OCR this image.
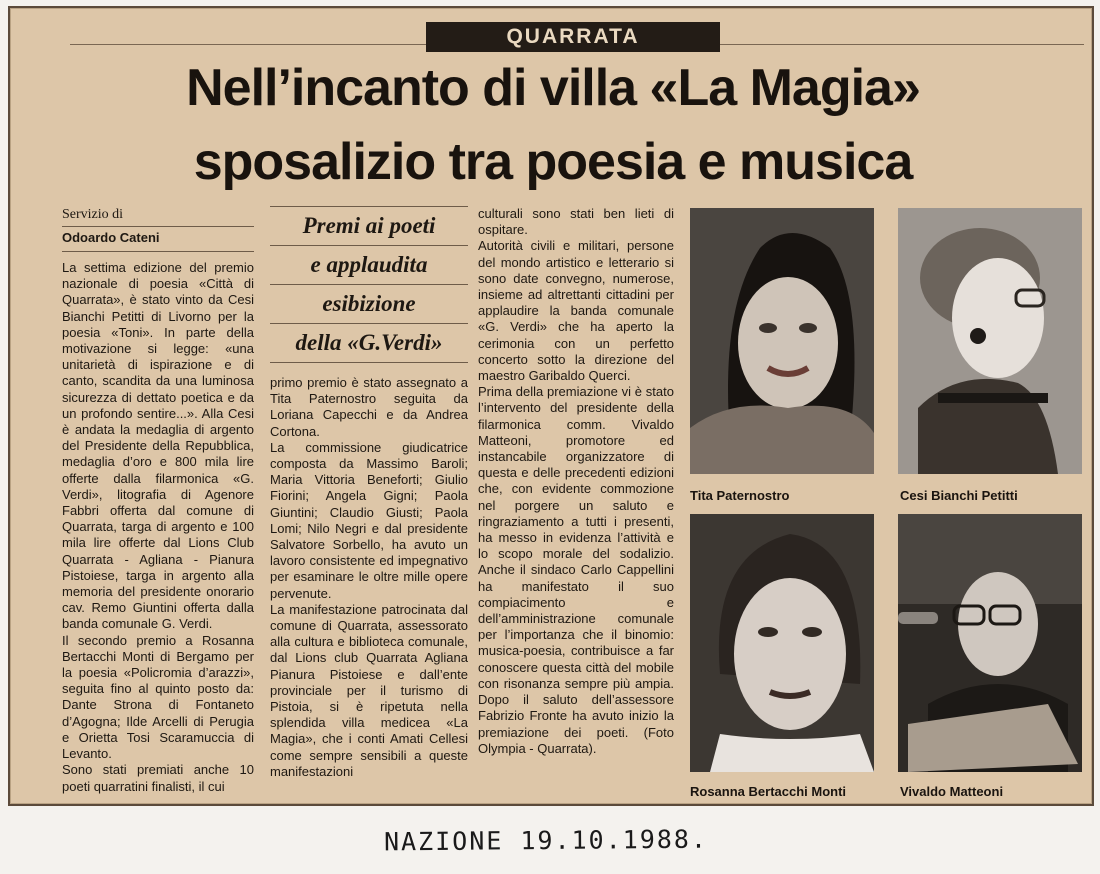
QUARRATA
Nell’incanto di villa «La Magia»
sposalizio tra poesia e musica
Servizio di
Odoardo Cateni

La settima edizione del premio nazionale di poesia «Città di Quarrata», è stato vinto da Cesi Bianchi Petitti di Livorno per la poesia «Toni». In parte della motivazione si legge: «una unitarietà di ispirazione e di canto, scandita da una luminosa sicurezza di dettato poetica e da un profondo sentire...». Alla Cesi è andata la medaglia di argento del Presidente della Repubblica, medaglia d’oro e 800 mila lire offerte dalla filarmonica «G. Verdi», litografia di Agenore Fabbri offerta dal comune di Quarrata, targa di argento e 100 mila lire offerte dal Lions Club Quarrata - Agliana - Pianura Pistoiese, targa in argento alla memoria del presidente onorario cav. Remo Giuntini offerta dalla banda comunale G. Verdi.

Il secondo premio a Rosanna Bertacchi Monti di Bergamo per la poesia «Policromia d’arazzi», seguita fino al quinto posto da: Dante Strona di Fontaneto d’Agogna; Ilde Arcelli di Perugia e Orietta Tosi Scaramuccia di Levanto.

Sono stati premiati anche 10 poeti quarratini finalisti, il cui

Premi ai poeti
e applaudita
esibizione
della «G.Verdi»

primo premio è stato assegnato a Tita Paternostro seguita da Loriana Capecchi e da Andrea Cortona.

La commissione giudicatrice composta da Massimo Baroli; Maria Vittoria Beneforti; Giulio Fiorini; Angela Gigni; Paola Giuntini; Claudio Giusti; Paola Lomi; Nilo Negri e dal presidente Salvatore Sorbello, ha avuto un lavoro consistente ed impegnativo per esaminare le oltre mille opere pervenute.

La manifestazione patrocinata dal comune di Quarrata, assessorato alla cultura e biblioteca comunale, dal Lions club Quarrata Agliana Pianura Pistoiese e dall’ente provinciale per il turismo di Pistoia, si è ripetuta nella splendida villa medicea «La Magia», che i conti Amati Cellesi come sempre sensibili a queste manifestazioni

culturali sono stati ben lieti di ospitare.

Autorità civili e militari, persone del mondo artistico e letterario si sono date convegno, numerose, insieme ad altrettanti cittadini per applaudire la banda comunale «G. Verdi» che ha aperto la cerimonia con un perfetto concerto sotto la direzione del maestro Garibaldo Querci.

Prima della premiazione vi è stato l’intervento del presidente della filarmonica comm. Vivaldo Matteoni, promotore ed instancabile organizzatore di questa e delle precedenti edizioni che, con evidente commozione nel porgere un saluto e ringraziamento a tutti i presenti, ha messo in evidenza l’attività e lo scopo morale del sodalizio. Anche il sindaco Carlo Cappellini ha manifestato il suo compiacimento e dell’amministrazione comunale per l’importanza che il binomio: musica-poesia, contribuisce a far conoscere questa città del mobile con risonanza sempre più ampia. Dopo il saluto dell’assessore Fabrizio Fronte ha avuto inizio la premiazione dei poeti. (Foto Olympia - Quarrata).

Tita Paternostro	Cesi Bianchi Petitti
Rosanna Bertacchi Monti	Vivaldo Matteoni
NAZIONE 19.10.1988.
